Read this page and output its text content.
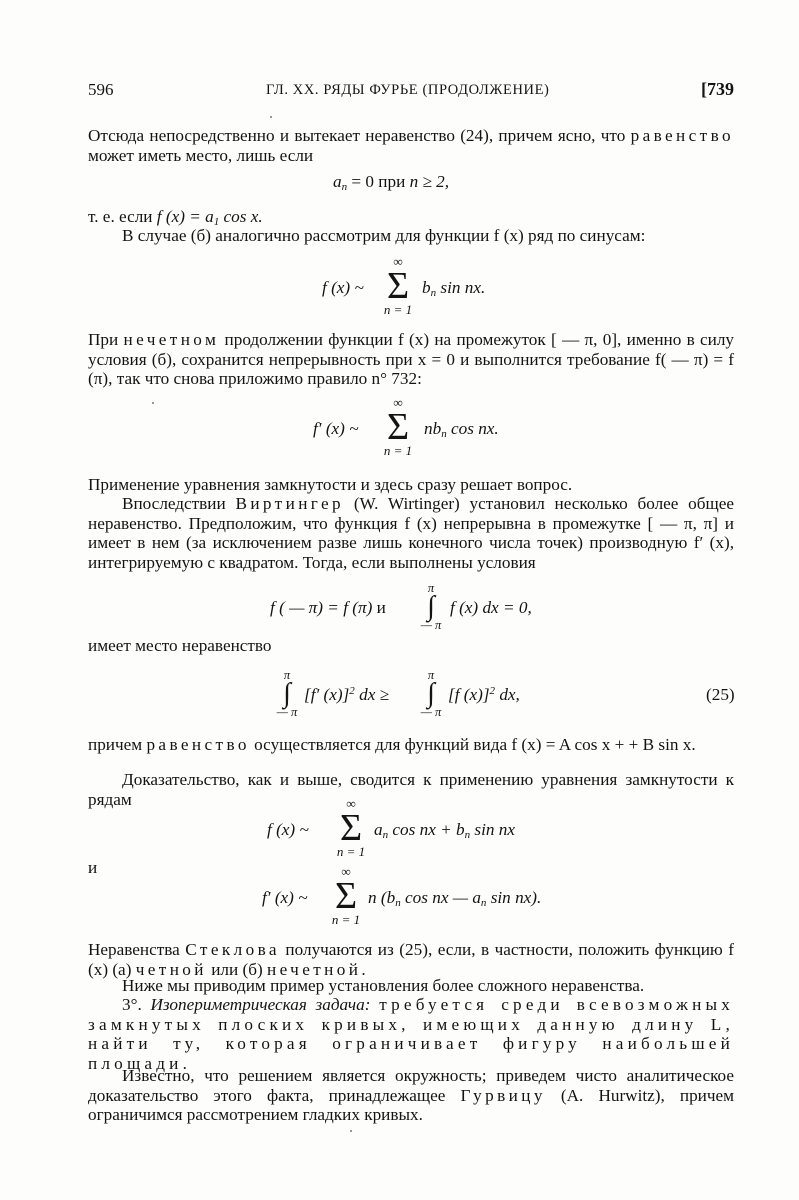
596	ГЛ. XX. РЯДЫ ФУРЬЕ (ПРОДОЛЖЕНИЕ)	[739
Отсюда непосредственно и вытекает неравенство (24), причем ясно, что равенство может иметь место, лишь если
$a_n = 0$ при n ≥ 2,
т. е. если f $(x) = a_1$ cos x.
В случае (б) аналогично рассмотрим для функции f (x) ряд по синусам:
f (x) ~
∞
Σ
n = 1
$b_n$ sin nx.
При нечетном продолжении функции f (x) на промежуток [ — π, 0], именно в силу условия (б), сохранится непрерывность при x = 0 и выполнится требование f( — π) = f (π), так что снова приложимо правило n° 732:
f′ (x) ~
∞
Σ
n = 1
$nb_n$ cos nx.
Применение уравнения замкнутости и здесь сразу решает вопрос.
Впоследствии Виртингер (W. Wirtinger) установил несколько более общее неравенство. Предположим, что функция f (x) непрерывна в промежутке [ — π, π] и имеет в нем (за исключением разве лишь конечного числа точек) производную f′ (x), интегрируемую с квадратом. Тогда, если выполнены условия
f ( — π) = f (π) и
π
∫
— π
f (x) dx = 0,
имеет место неравенство
π
∫
— π
[f′ (x)]$^2$ dx ≥
π
∫
— π
[f (x)]$^2$ dx,	(25)
причем равенство осуществляется для функций вида f (x) = A cos x + + B sin x.
Доказательство, как и выше, сводится к применению уравнения замкнутости к рядам
f (x) ~
∞
Σ
n = 1
$a_n$ cos nx + $b_n$ sin nx
и
f′ (x) ~
∞
Σ
n = 1
n ($b_n$ cos nx — $a_n$ sin nx).
Неравенства Стеклова получаются из (25), если, в частности, положить функцию f (x) (а) четной или (б) нечетной.
Ниже мы приводим пример установления более сложного неравенства.
3°. Изопериметрическая задача: требуется среди всевозможных замкнутых плоских кривых, имеющих данную длину L, найти ту, которая ограничивает фигуру наибольшей площади.
Известно, что решением является окружность; приведем чисто аналитическое доказательство этого факта, принадлежащее Гурвицу (A. Hurwitz), причем ограничимся рассмотрением гладких кривых.
